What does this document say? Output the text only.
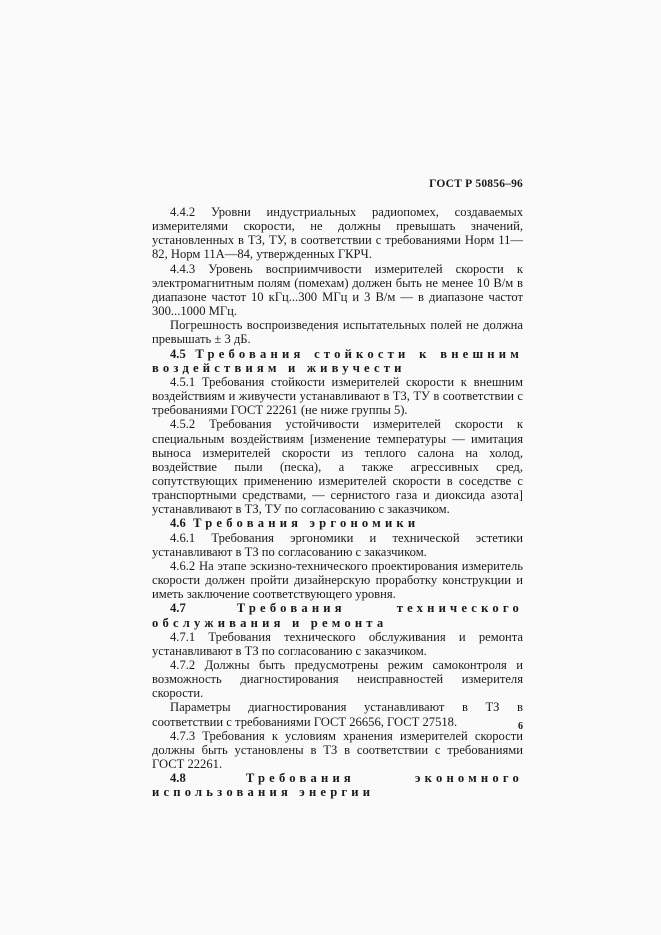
ГОСТ Р 50856–96

4.4.2 Уровни индустриальных радиопомех, создаваемых измерителями скорости, не должны превышать значений, установленных в ТЗ, ТУ, в соответствии с требованиями Норм 11—82, Норм 11А—84, утвержденных ГКРЧ.

4.4.3 Уровень восприимчивости измерителей скорости к электромагнитным полям (помехам) должен быть не менее 10 В/м в диапазоне частот 10 кГц...300 МГц и 3 В/м — в диапазоне частот 300...1000 МГц.

Погрешность воспроизведения испытательных полей не должна превышать ± 3 дБ.

4.5 Требования стойкости к внешним воздействиям и живучести

4.5.1 Требования стойкости измерителей скорости к внешним воздействиям и живучести устанавливают в ТЗ, ТУ в соответствии с требованиями ГОСТ 22261 (не ниже группы 5).

4.5.2 Требования устойчивости измерителей скорости к специальным воздействиям [изменение температуры — имитация выноса измерителей скорости из теплого салона на холод, воздействие пыли (песка), а также агрессивных сред, сопутствующих применению измерителей скорости в соседстве с транспортными средствами, — сернистого газа и диоксида азота] устанавливают в ТЗ, ТУ по согласованию с заказчиком.

4.6 Требования эргономики

4.6.1 Требования эргономики и технической эстетики устанавливают в ТЗ по согласованию с заказчиком.

4.6.2 На этапе эскизно-технического проектирования измеритель скорости должен пройти дизайнерскую проработку конструкции и иметь заключение соответствующего уровня.

4.7	Требования технического обслуживания и ремонта

4.7.1 Требования технического обслуживания и ремонта устанавливают в ТЗ по согласованию с заказчиком.

4.7.2 Должны быть предусмотрены режим самоконтроля и возможность диагностирования неисправностей измерителя скорости.

Параметры диагностирования устанавливают в ТЗ в соответствии с требованиями ГОСТ 26656, ГОСТ 27518.

4.7.3 Требования к условиям хранения измерителей скорости должны быть установлены в ТЗ в соответствии с требованиями ГОСТ 22261.

4.8	Требования экономного использования энергии

6
